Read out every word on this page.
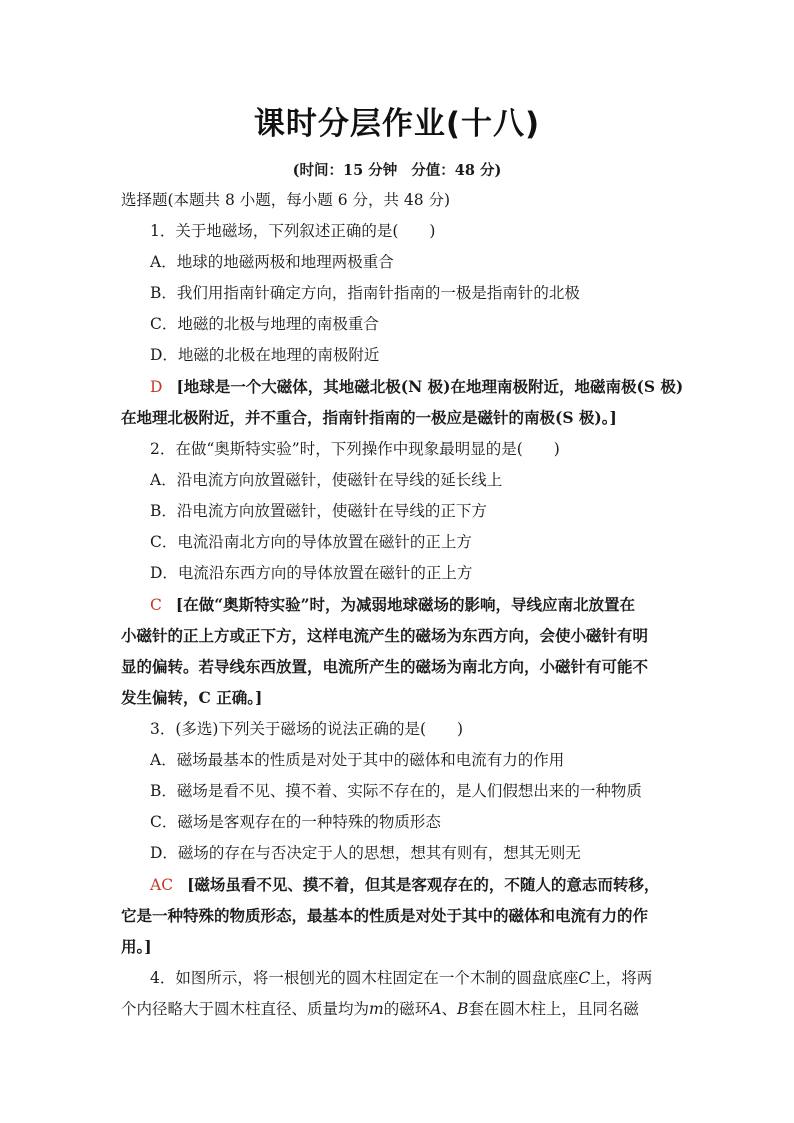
课时分层作业(十八)
(时间：15 分钟 分值：48 分)
选择题(本题共 8 小题，每小题 6 分，共 48 分)
1．关于地磁场，下列叙述正确的是(　　)
A．地球的地磁两极和地理两极重合
B．我们用指南针确定方向，指南针指南的一极是指南针的北极
C．地磁的北极与地理的南极重合
D．地磁的北极在地理的南极附近
D [地球是一个大磁体，其地磁北极(N 极)在地理南极附近，地磁南极(S 极)
在地理北极附近，并不重合，指南针指南的一极应是磁针的南极(S 极)。]
2．在做“奥斯特实验”时，下列操作中现象最明显的是(　　)
A．沿电流方向放置磁针，使磁针在导线的延长线上
B．沿电流方向放置磁针，使磁针在导线的正下方
C．电流沿南北方向的导体放置在磁针的正上方
D．电流沿东西方向的导体放置在磁针的正上方
C [在做“奥斯特实验”时，为减弱地球磁场的影响，导线应南北放置在
小磁针的正上方或正下方，这样电流产生的磁场为东西方向，会使小磁针有明
显的偏转。若导线东西放置，电流所产生的磁场为南北方向，小磁针有可能不
发生偏转，C 正确。]
3．(多选)下列关于磁场的说法正确的是(　　)
A．磁场最基本的性质是对处于其中的磁体和电流有力的作用
B．磁场是看不见、摸不着、实际不存在的，是人们假想出来的一种物质
C．磁场是客观存在的一种特殊的物质形态
D．磁场的存在与否决定于人的思想，想其有则有，想其无则无
AC [磁场虽看不见、摸不着，但其是客观存在的，不随人的意志而转移，
它是一种特殊的物质形态，最基本的性质是对处于其中的磁体和电流有力的作
用。]
4．如图所示，将一根刨光的圆木柱固定在一个木制的圆盘底座C上，将两
个内径略大于圆木柱直径、质量均为m的磁环A、B套在圆木柱上，且同名磁
